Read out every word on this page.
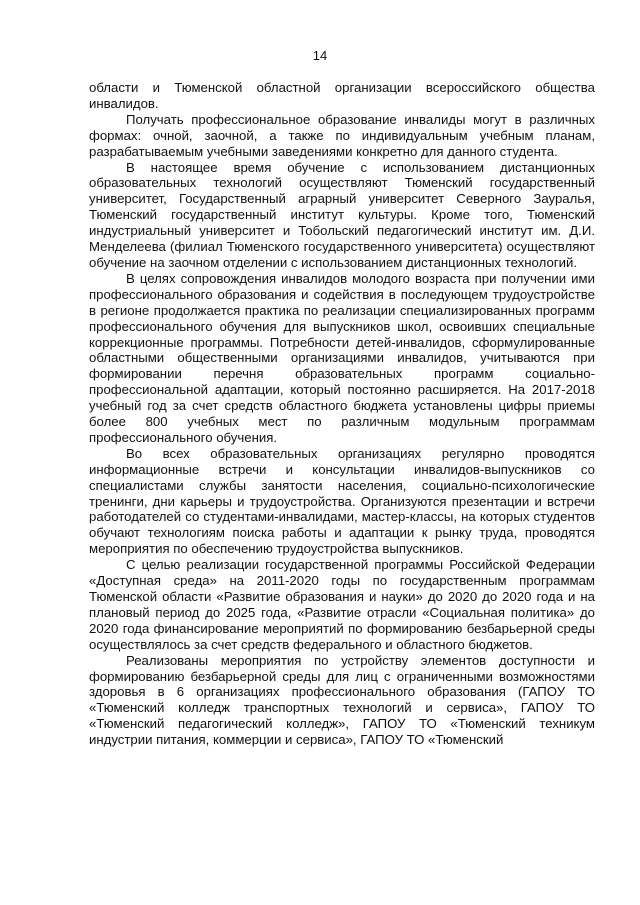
14

области и Тюменской областной организации всероссийского общества инвалидов.

Получать профессиональное образование инвалиды могут в различных формах: очной, заочной, а также по индивидуальным учебным планам, разрабатываемым учебными заведениями конкретно для данного студента.

В настоящее время обучение с использованием дистанционных образовательных технологий осуществляют Тюменский государственный университет, Государственный аграрный университет Северного Зауралья, Тюменский государственный институт культуры. Кроме того, Тюменский индустриальный университет и Тобольский педагогический институт им. Д.И. Менделеева (филиал Тюменского государственного университета) осуществляют обучение на заочном отделении с использованием дистанционных технологий.

В целях сопровождения инвалидов молодого возраста при получении ими профессионального образования и содействия в последующем трудоустройстве в регионе продолжается практика по реализации специализированных программ профессионального обучения для выпускников школ, освоивших специальные коррекционные программы. Потребности детей-инвалидов, сформулированные областными общественными организациями инвалидов, учитываются при формировании перечня образовательных программ социально-профессиональной адаптации, который постоянно расширяется. На 2017-2018 учебный год за счет средств областного бюджета установлены цифры приемы более 800 учебных мест по различным модульным программам профессионального обучения.

Во всех образовательных организациях регулярно проводятся информационные встречи и консультации инвалидов-выпускников со специалистами службы занятости населения, социально-психологические тренинги, дни карьеры и трудоустройства. Организуются презентации и встречи работодателей со студентами-инвалидами, мастер-классы, на которых студентов обучают технологиям поиска работы и адаптации к рынку труда, проводятся мероприятия по обеспечению трудоустройства выпускников.

С целью реализации государственной программы Российской Федерации «Доступная среда» на 2011-2020 годы по государственным программам Тюменской области «Развитие образования и науки» до 2020 до 2020 года и на плановый период до 2025 года, «Развитие отрасли «Социальная политика» до 2020 года финансирование мероприятий по формированию безбарьерной среды осуществлялось за счет средств федерального и областного бюджетов.

Реализованы мероприятия по устройству элементов доступности и формированию безбарьерной среды для лиц с ограниченными возможностями здоровья в 6 организациях профессионального образования (ГАПОУ ТО «Тюменский колледж транспортных технологий и сервиса», ГАПОУ ТО «Тюменский педагогический колледж», ГАПОУ ТО «Тюменский техникум индустрии питания, коммерции и сервиса», ГАПОУ ТО «Тюменский
